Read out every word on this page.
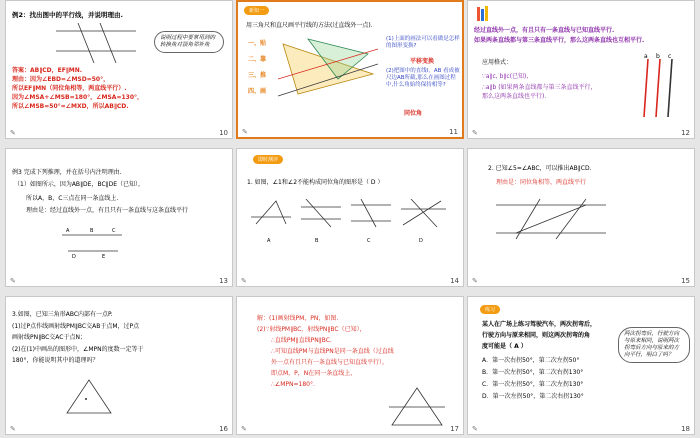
例2：找出图中的平行线，并说明理由.
答案：AB∥CD，EF∥MN.
理由：因为∠EBD=∠MSD=50°，
所以EF∥MN（同位角相等，两直线平行）.
因为∠MSA+∠MSB=180°，∠MSA=130°，
所以∠MSB=50°=∠MXD，所以AB∥CD.
说明过程中要常用到的转换角对顶角邻补角
✎	10
新知一
用三角尺和直尺画平行线的方法(过直线外一点).
一、贴
二、靠
三、推
四、画
(1)上面的画法可以看做是怎样的图形变换?
平移变换
(2)把图中的直线l，AB 看成被尺边AB所截,那么在画图过程中,什么角始终保持相等?
同位角
✎	11
经过直线外一点，有且只有一条直线与已知直线平行.
如果两条直线都与第三条直线平行，那么这两条直线也互相平行.
应用格式：
∵a∥c, b∥c(已知),
∴a∥b (如果两条直线都与第三条直线平行，那么这两条直线也平行).
a b c
✎	12
例3 完成下列推理，并在括号内注明理由.
（1）如图所示，因为AB∥DE，BC∥DE（已知），
所以A，B，C三点在同一条直线上.
理由是：经过直线外一点，有且只有一条直线与这条直线平行
A	B	C
D	E
✎	13
即时测评
1. 如图，∠1和∠2不能构成同位角的图形是（ D ）
A	B	C	D
✎	14
2. 已知∠5=∠ABC，可以推出AB∥CD.
理由是：同位角相等，两直线平行
✎	15
3.如图，已知三角形ABC内部有一点P.
(1)过P点作线画射线PM∥BC交AB于点M，过P点
画射线PN∥BC交AC于点N；
(2)在(1)中画出的图形中，∠MPN的度数一定等于
180°，你能说明其中的道理吗？
✎	16
解：(1)画射线PM，PN，如图.
(2)∵射线PM∥BC，射线PN∥BC（已知），
∴直线PM∥直线PN∥BC.
∴可知直线PM与直线PN是同一条直线（过直线
外一点有且只有一条直线与已知直线平行），
即点M，P，N在同一条直线上，
∴∠MPN=180°.
✎	17
练习
某人在广场上练习驾驶汽车，两次拐弯后，
行驶方向与原来相同，则这两次拐弯的角
度可能是（ A ）
A．第一次右拐50°，第二次左拐50°
B．第一次左拐50°，第二次右拐130°
C．第一次左拐50°，第二次左拐130°
D．第一次左拐50°，第二次右拐130°
两次拐弯后，行驶方向与原来相同，说明两次拐弯后方向与原来的方向平行，明白了吗？
✎	18
